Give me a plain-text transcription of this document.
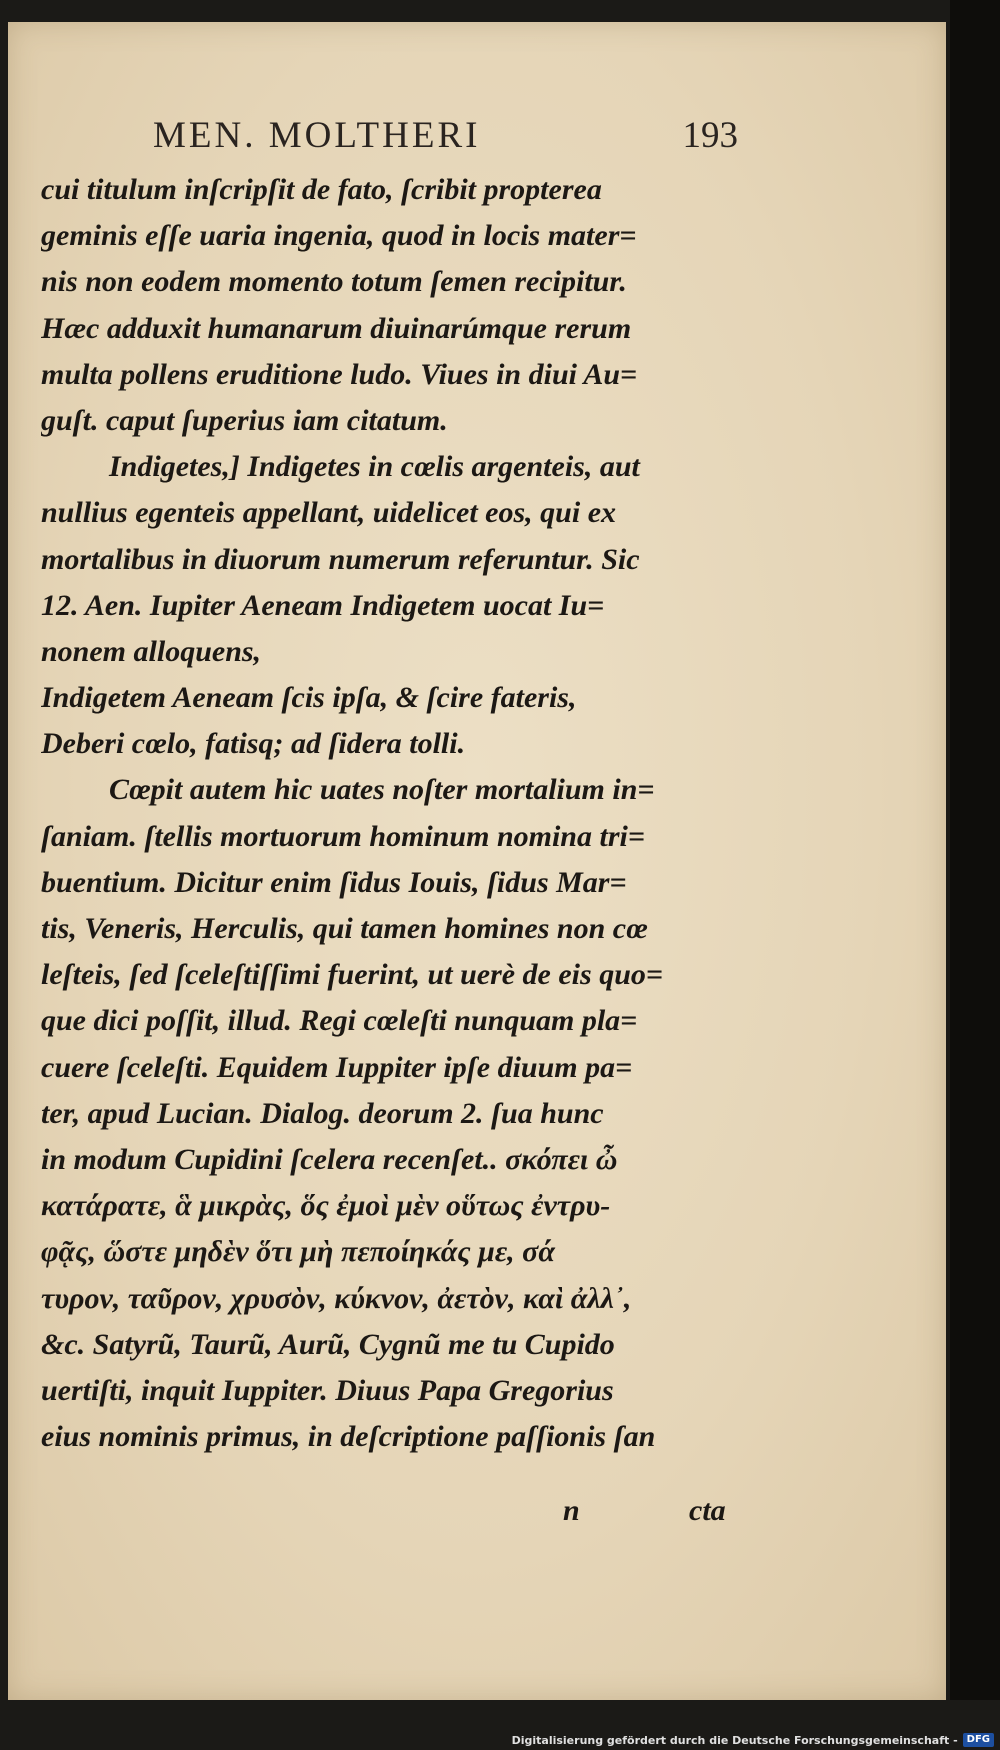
MEN. MOLTHERI	193
cui titulum inſcripſit de fato, ſcribit propterea
geminis eſſe uaria ingenia, quod in locis mater=
nis non eodem momento totum ſemen recipitur.
Hæc adduxit humanarum diuinarúmque rerum
multa pollens eruditione ludo. Viues in diui Au=
guſt. caput ſuperius iam citatum.
Indigetes,] Indigetes in cœlis argenteis, aut
nullius egenteis appellant, uidelicet eos, qui ex
mortalibus in diuorum numerum referuntur. Sic
12. Aen. Iupiter Aeneam Indigetem uocat Iu=
nonem alloquens,
Indigetem Aeneam ſcis ipſa, & ſcire fateris,
Deberi cœlo, fatisq; ad ſidera tolli.
Cœpit autem hic uates noſter mortalium in=
ſaniam. ſtellis mortuorum hominum nomina tri=
buentium. Dicitur enim ſidus Iouis, ſidus Mar=
tis, Veneris, Herculis, qui tamen homines non cœ
leſteis, ſed ſceleſtiſſimi fuerint, ut uerè de eis quo=
que dici poſſit, illud. Regi cœleſti nunquam pla=
cuere ſceleſti. Equidem Iuppiter ipſe diuum pa=
ter, apud Lucian. Dialog. deorum 2. ſua hunc
in modum Cupidini ſcelera recenſet.. σκόπει ὦ
κατάρατε, ἃ μικρὰς, ὅς ἐμοὶ μὲν οὕτως ἐντρυ-
φᾷς, ὥστε μηδὲν ὅτι μὴ πεποίηκάς με, σά
τυρον, ταῦρον, χρυσὸν, κύκνον, ἀετὸν, καὶ ἀλλ᾽,
&c. Satyrũ, Taurũ, Aurũ, Cygnũ me tu Cupido
uertiſti, inquit Iuppiter. Diuus Papa Gregorius
eius nominis primus, in deſcriptione paſſionis ſan
n	cta
Digitalisierung gefördert durch die Deutsche Forschungsgemeinschaft - DFG
